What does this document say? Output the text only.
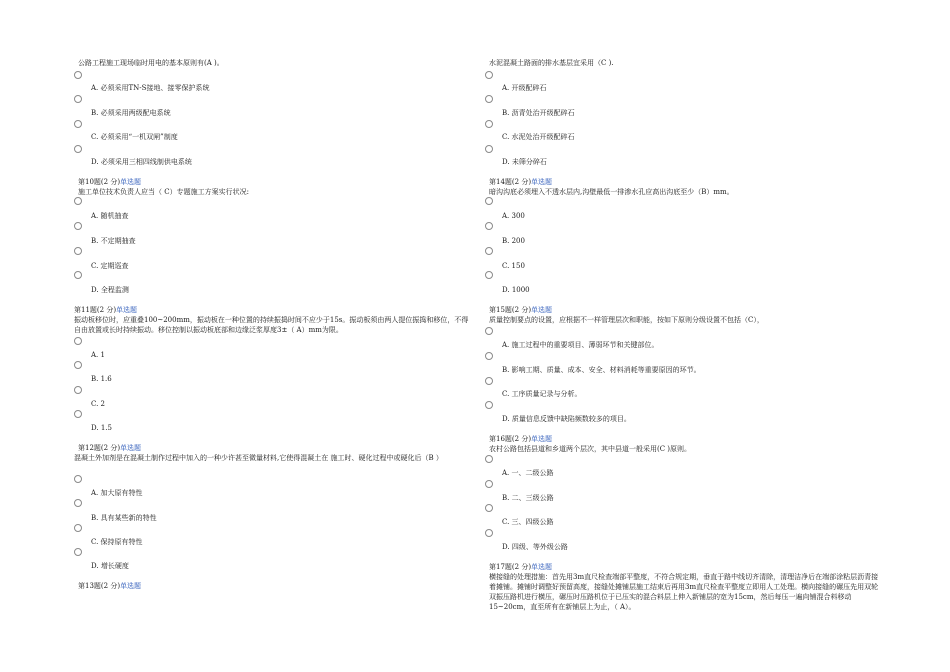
公路工程施工现场临时用电的基本原则有(A )。
A. 必须采用TN-S接地、接零保护系统
B. 必须采用两级配电系统
C. 必须采用“一机双闸”制度
D. 必须采用三相四线制供电系统
第10题(2 分)单选题
施工单位技术负责人应当（ C）专题施工方案实行状况:
A. 随机抽查
B. 不定期抽查
C. 定期巡查
D. 全程监测
第11题(2 分)单选题
振动板移位时，应重叠100~200mm，振动板在一种位置的持续振捣时间不应少于15s。振动板须由两人提位振捣和移位，不得自由放置或长时持续振动。移位控制以振动板底部和边缘泛浆厚度3±（ A）mm为限。
A. 1
B. 1.6
C. 2
D. 1.5
第12题(2 分)单选题
混凝土外加剂是在混凝土制作过程中加入的一种少许甚至微量材料,它使得混凝土在 施工时、硬化过程中或硬化后（B ）
A. 加大原有特性
B. 具有某些新的特性
C. 保持原有特性
D. 增长硬度
第13题(2 分)单选题
水泥混凝土路面的排水基层宜采用（C ).
A. 开级配碎石
B. 沥青处治开级配碎石
C. 水泥处治开级配碎石
D. 未筛分碎石
第14题(2 分)单选题
暗沟沟底必须埋入不透水层内,沟壁最低一排渗水孔应高出沟底至少（B）mm。
A. 300
B. 200
C. 150
D. 1000
第15题(2 分)单选题
质量控制要点的设置，应根据不一样管理层次和职能，按如下原则分级设置不包括（C），
A. 施工过程中的重要项目、薄弱环节和关键部位。
B. 影响工期、质量、成本、安全、材料消耗等重要原因的环节。
C. 工序质量记录与分析。
D. 质量信息反馈中缺陷频数较多的项目。
第16题(2 分)单选题
农村公路包括县道和乡道两个层次，其中县道一般采用(C )原则。
A. 一、二级公路
B. 二、三级公路
C. 三、四级公路
D. 四级、等外级公路
第17题(2 分)单选题
横接缝的处理措施：首先用3m直尺检查端部平整度，不符合规定期，垂直于路中线切齐清除，清理洁净后在端部涂粘层沥青接着摊铺。摊铺时调整好预留高度，接缝处摊铺层施工结束后再用3m直尺检查平整度立即用人工处理。横向接缝的碾压先用双轮双振压路机进行横压，碾压时压路机位于已压实的混合料层上伸入新铺层的宽为15cm，然后每压一遍向铺混合料移动15~20cm，直至所有在新铺层上为止，（ A）。
